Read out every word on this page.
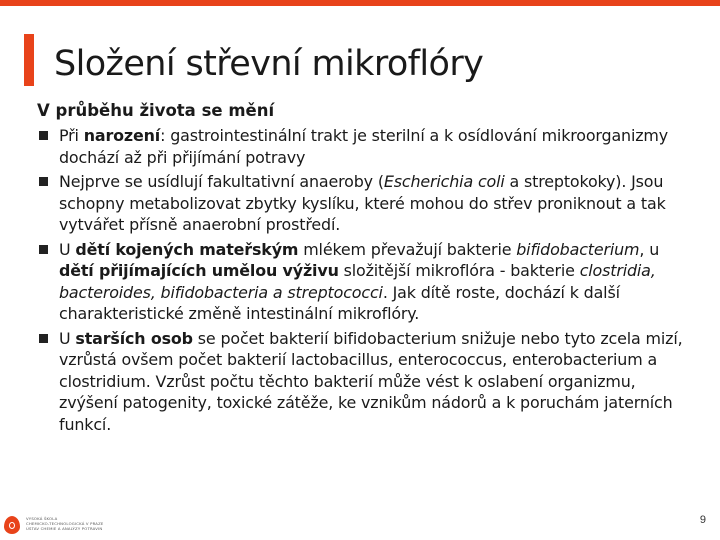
Složení střevní mikroflóry

V průběhu života se mění

Při narození: gastrointestinální trakt je sterilní a k osídlování mikroorganizmy dochází až při přijímání potravy
Nejprve se usídlují fakultativní anaeroby (Escherichia coli a streptokoky). Jsou schopny metabolizovat zbytky kyslíku, které mohou do střev proniknout a tak vytvářet přísně anaerobní prostředí.
U dětí kojených mateřským mlékem převažují bakterie bifidobacterium, u dětí přijímajících umělou výživu složitější mikroflóra - bakterie clostridia, bacteroides, bifidobacteria a streptococci. Jak dítě roste, dochází k další charakteristické změně intestinální mikroflóry.
U starších osob se počet bakterií bifidobacterium snižuje nebo tyto zcela mizí, vzrůstá ovšem počet bakterií lactobacillus, enterococcus, enterobacterium a clostridium. Vzrůst počtu těchto bakterií může vést k oslabení organizmu, zvýšení patogenity, toxické zátěže, ke vznikům nádorů a k poruchám jaterních funkcí.
VYSOKÁ ŠKOLA
CHEMICKO-TECHNOLOGICKÁ V PRAZE
ÚSTAV CHEMIE A ANALÝZY POTRAVIN
9
